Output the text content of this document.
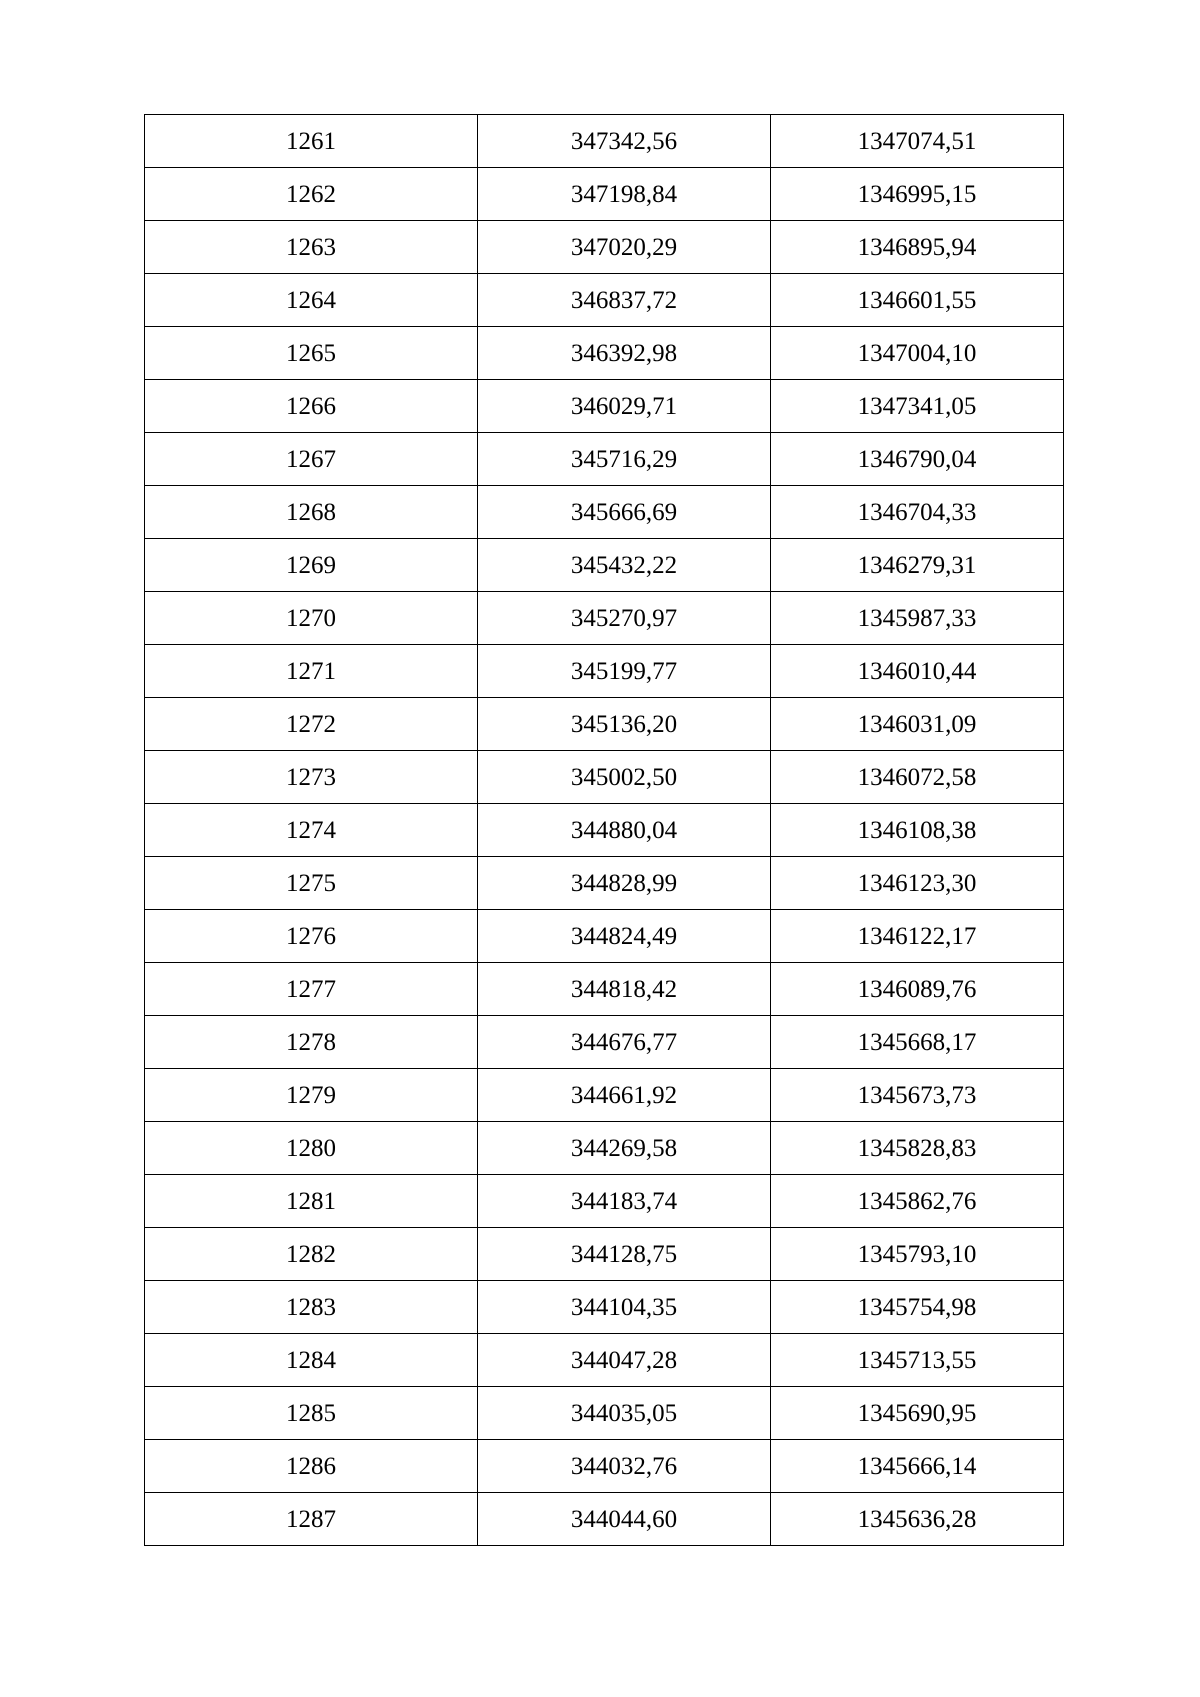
1261	347342,56	1347074,51
1262	347198,84	1346995,15
1263	347020,29	1346895,94
1264	346837,72	1346601,55
1265	346392,98	1347004,10
1266	346029,71	1347341,05
1267	345716,29	1346790,04
1268	345666,69	1346704,33
1269	345432,22	1346279,31
1270	345270,97	1345987,33
1271	345199,77	1346010,44
1272	345136,20	1346031,09
1273	345002,50	1346072,58
1274	344880,04	1346108,38
1275	344828,99	1346123,30
1276	344824,49	1346122,17
1277	344818,42	1346089,76
1278	344676,77	1345668,17
1279	344661,92	1345673,73
1280	344269,58	1345828,83
1281	344183,74	1345862,76
1282	344128,75	1345793,10
1283	344104,35	1345754,98
1284	344047,28	1345713,55
1285	344035,05	1345690,95
1286	344032,76	1345666,14
1287	344044,60	1345636,28
